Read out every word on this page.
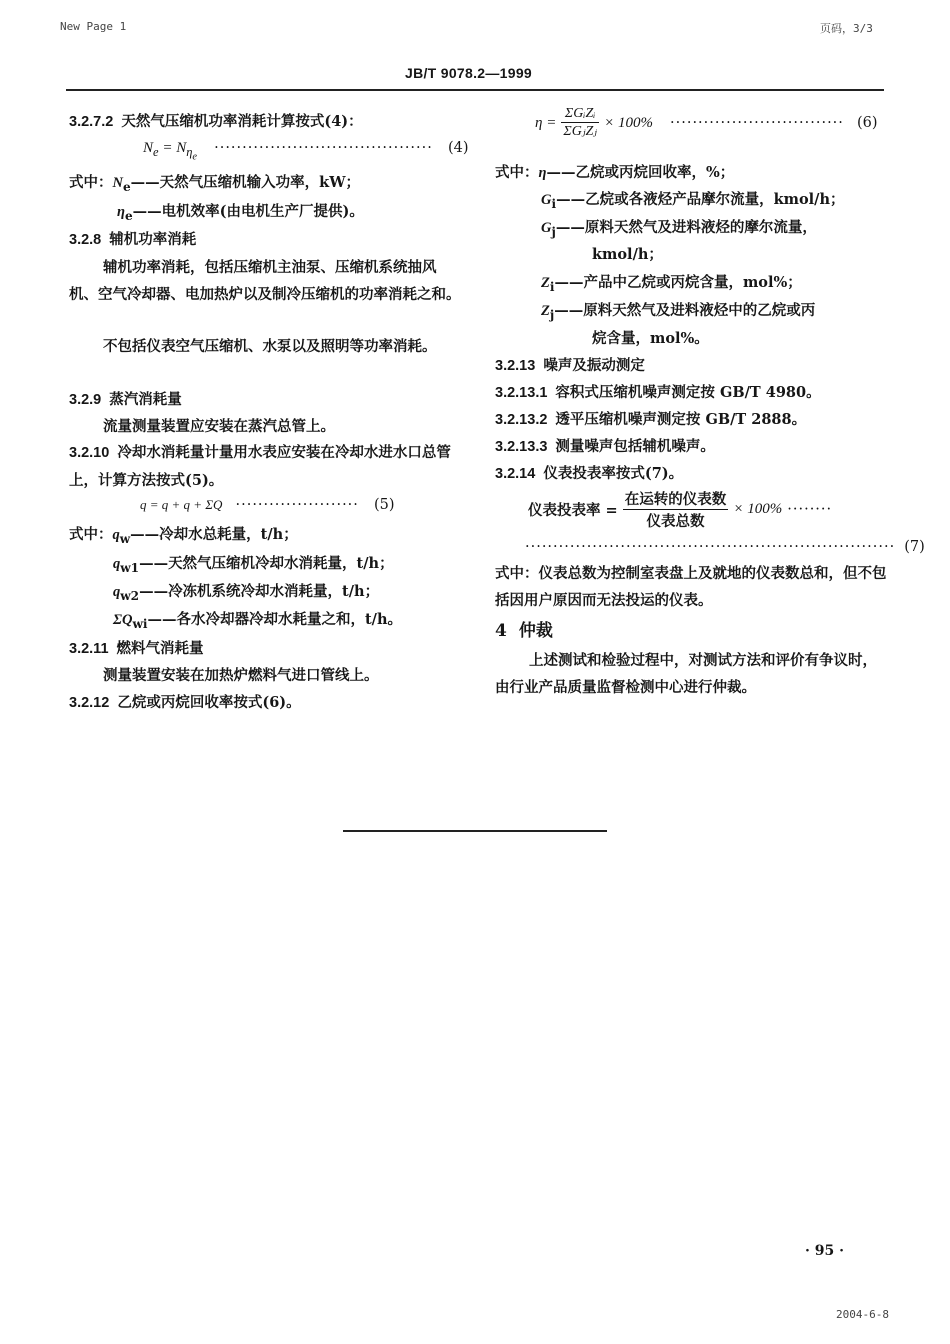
New Page 1	页码，3/3
JB/T 9078.2—1999
3.2.7.2 天然气压缩机功率消耗计算按式(4)：
$N_e = N_{\eta_e}$ ······································· (4)
式中：$N_e——$天然气压缩机输入功率，kW；
$\eta_e——$电机效率(由电机生产厂提供)。
3.2.8 辅机功率消耗
辅机功率消耗，包括压缩机主油泵、压缩机系统抽风机、空气冷却器、电加热炉以及制冷压缩机的功率消耗之和。
不包括仪表空气压缩机、水泵以及照明等功率消耗。
3.2.9 蒸汽消耗量
流量测量装置应安装在蒸汽总管上。
3.2.10 冷却水消耗量计量用水表应安装在冷却水进水口总管上，计算方法按式(5)。
q = q + q + ΣQ ······················ (5)
式中：$q_w——$冷却水总耗量，t/h；
$q_{w1}——$天然气压缩机冷却水消耗量，t/h；
$q_{w2}——$冷冻机系统冷却水消耗量，t/h；
$\Sigma Q_{wi}——$各水冷却器冷却水耗量之和，t/h。
3.2.11 燃料气消耗量
测量装置安装在加热炉燃料气进口管线上。
3.2.12 乙烷或丙烷回收率按式(6)。
$\eta = \frac{\text{ΣGᵢZᵢ}}{\text{ΣGⱼZⱼ}} \times 100\%$ ······························· (6)
式中：η——乙烷或丙烷回收率，%；
$G_i——$乙烷或各液烃产品摩尔流量，kmol/h；
$G_j——$原料天然气及进料液烃的摩尔流量，
kmol/h；
$Z_i——$产品中乙烷或丙烷含量，mol%；
$Z_j——$原料天然气及进料液烃中的乙烷或丙
烷含量，mol%。
3.2.13 噪声及振动测定
3.2.13.1 容积式压缩机噪声测定按 GB/T 4980。
3.2.13.2 透平压缩机噪声测定按 GB/T 2888。
3.2.13.3 测量噪声包括辅机噪声。
3.2.14 仪表投表率按式(7)。
仪表投表率 = $\frac{\text{在运转的仪表数}}{\text{仪表总数}} \times 100\%$ ········
·································································· (7)
式中：仪表总数为控制室表盘上及就地的仪表数总和，但不包括因用户原因而无法投运的仪表。
4 仲裁
上述测试和检验过程中，对测试方法和评价有争议时，由行业产品质量监督检测中心进行仲裁。
· 95 ·
2004-6-8
